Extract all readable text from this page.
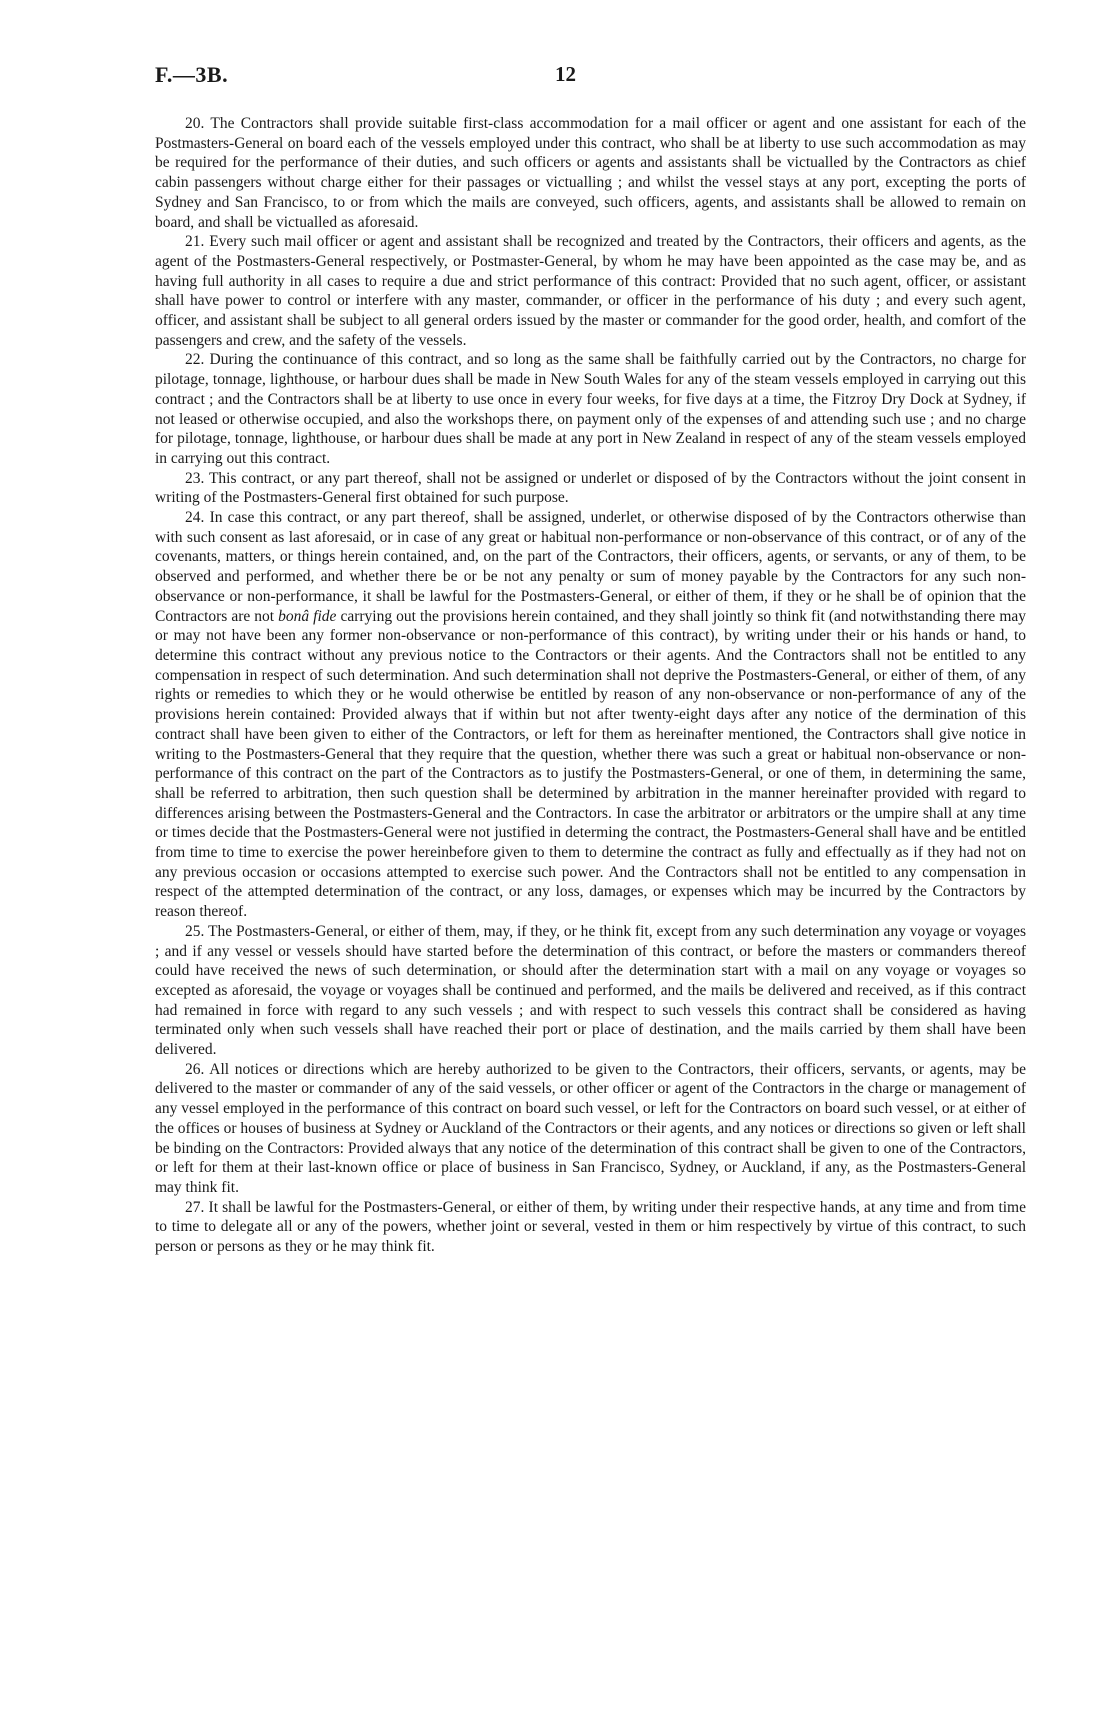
F.—3B.	12

20. The Contractors shall provide suitable first-class accommodation for a mail officer or agent and one assistant for each of the Postmasters-General on board each of the vessels employed under this contract, who shall be at liberty to use such accommodation as may be required for the performance of their duties, and such officers or agents and assistants shall be victualled by the Contractors as chief cabin passengers without charge either for their passages or victualling ; and whilst the vessel stays at any port, excepting the ports of Sydney and San Francisco, to or from which the mails are conveyed, such officers, agents, and assistants shall be allowed to remain on board, and shall be victualled as aforesaid.

21. Every such mail officer or agent and assistant shall be recognized and treated by the Contractors, their officers and agents, as the agent of the Postmasters-General respectively, or Postmaster-General, by whom he may have been appointed as the case may be, and as having full authority in all cases to require a due and strict performance of this contract: Provided that no such agent, officer, or assistant shall have power to control or interfere with any master, commander, or officer in the performance of his duty ; and every such agent, officer, and assistant shall be subject to all general orders issued by the master or commander for the good order, health, and comfort of the passengers and crew, and the safety of the vessels.

22. During the continuance of this contract, and so long as the same shall be faithfully carried out by the Contractors, no charge for pilotage, tonnage, lighthouse, or harbour dues shall be made in New South Wales for any of the steam vessels employed in carrying out this contract ; and the Contractors shall be at liberty to use once in every four weeks, for five days at a time, the Fitzroy Dry Dock at Sydney, if not leased or otherwise occupied, and also the workshops there, on payment only of the expenses of and attending such use ; and no charge for pilotage, tonnage, lighthouse, or harbour dues shall be made at any port in New Zealand in respect of any of the steam vessels employed in carrying out this contract.

23. This contract, or any part thereof, shall not be assigned or underlet or disposed of by the Contractors without the joint consent in writing of the Postmasters-General first obtained for such purpose.

24. In case this contract, or any part thereof, shall be assigned, underlet, or otherwise disposed of by the Contractors otherwise than with such consent as last aforesaid, or in case of any great or habitual non-performance or non-observance of this contract, or of any of the covenants, matters, or things herein contained, and, on the part of the Contractors, their officers, agents, or servants, or any of them, to be observed and performed, and whether there be or be not any penalty or sum of money payable by the Contractors for any such non-observance or non-performance, it shall be lawful for the Postmasters-General, or either of them, if they or he shall be of opinion that the Contractors are not bonâ fide carrying out the provisions herein contained, and they shall jointly so think fit (and notwithstanding there may or may not have been any former non-observance or non-performance of this contract), by writing under their or his hands or hand, to determine this contract without any previous notice to the Contractors or their agents. And the Contractors shall not be entitled to any compensation in respect of such determination. And such determination shall not deprive the Postmasters-General, or either of them, of any rights or remedies to which they or he would otherwise be entitled by reason of any non-observance or non-performance of any of the provisions herein contained: Provided always that if within but not after twenty-eight days after any notice of the dermination of this contract shall have been given to either of the Contractors, or left for them as hereinafter mentioned, the Contractors shall give notice in writing to the Postmasters-General that they require that the question, whether there was such a great or habitual non-observance or non-performance of this contract on the part of the Contractors as to justify the Postmasters-General, or one of them, in determining the same, shall be referred to arbitration, then such question shall be determined by arbitration in the manner hereinafter provided with regard to differences arising between the Postmasters-General and the Contractors. In case the arbitrator or arbitrators or the umpire shall at any time or times decide that the Postmasters-General were not justified in determing the contract, the Postmasters-General shall have and be entitled from time to time to exercise the power hereinbefore given to them to determine the contract as fully and effectually as if they had not on any previous occasion or occasions attempted to exercise such power. And the Contractors shall not be entitled to any compensation in respect of the attempted determination of the contract, or any loss, damages, or expenses which may be incurred by the Contractors by reason thereof.

25. The Postmasters-General, or either of them, may, if they, or he think fit, except from any such determination any voyage or voyages ; and if any vessel or vessels should have started before the determination of this contract, or before the masters or commanders thereof could have received the news of such determination, or should after the determination start with a mail on any voyage or voyages so excepted as aforesaid, the voyage or voyages shall be continued and performed, and the mails be delivered and received, as if this contract had remained in force with regard to any such vessels ; and with respect to such vessels this contract shall be considered as having terminated only when such vessels shall have reached their port or place of destination, and the mails carried by them shall have been delivered.

26. All notices or directions which are hereby authorized to be given to the Contractors, their officers, servants, or agents, may be delivered to the master or commander of any of the said vessels, or other officer or agent of the Contractors in the charge or management of any vessel employed in the performance of this contract on board such vessel, or left for the Contractors on board such vessel, or at either of the offices or houses of business at Sydney or Auckland of the Contractors or their agents, and any notices or directions so given or left shall be binding on the Contractors: Provided always that any notice of the determination of this contract shall be given to one of the Contractors, or left for them at their last-known office or place of business in San Francisco, Sydney, or Auckland, if any, as the Postmasters-General may think fit.

27. It shall be lawful for the Postmasters-General, or either of them, by writing under their respective hands, at any time and from time to time to delegate all or any of the powers, whether joint or several, vested in them or him respectively by virtue of this contract, to such person or persons as they or he may think fit.
